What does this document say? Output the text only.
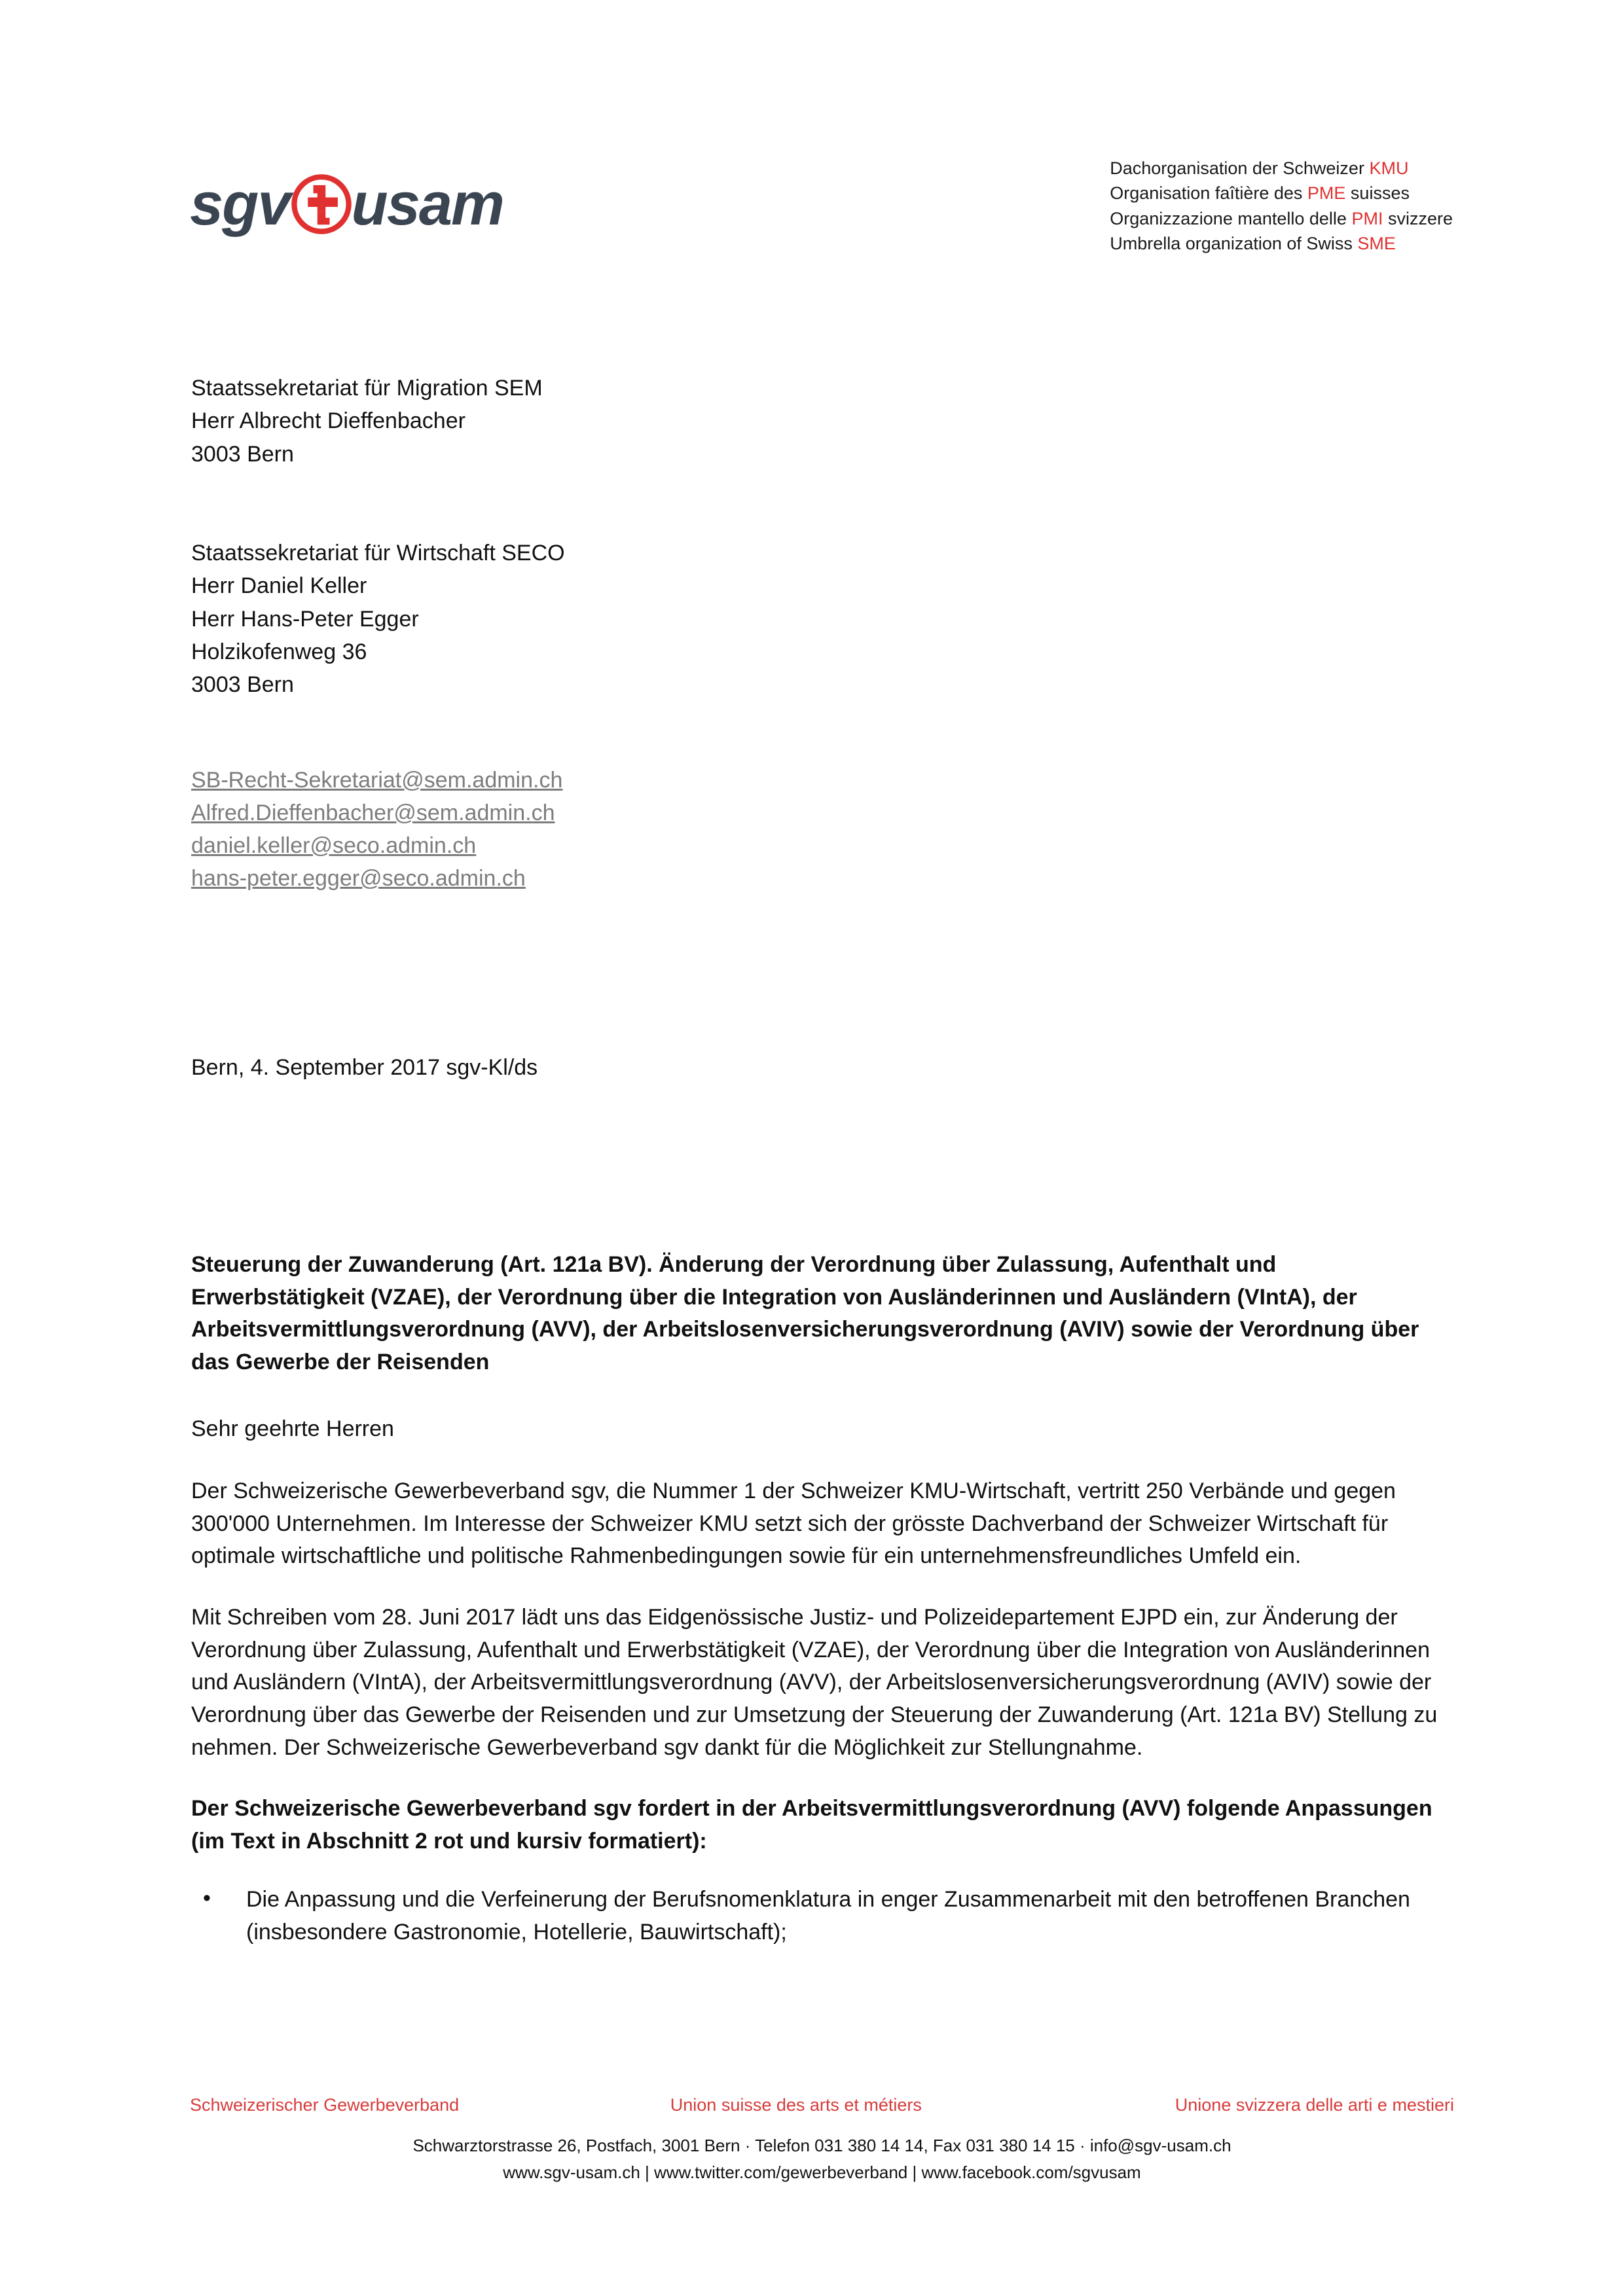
sgv usam
Dachorganisation der Schweizer KMU
Organisation faîtière des PME suisses
Organizzazione mantello delle PMI svizzere
Umbrella organization of Swiss SME
Staatssekretariat für Migration SEM
Herr Albrecht Dieffenbacher
3003 Bern
Staatssekretariat für Wirtschaft SECO
Herr Daniel Keller
Herr Hans-Peter Egger
Holzikofenweg 36
3003 Bern
SB-Recht-Sekretariat@sem.admin.ch
Alfred.Dieffenbacher@sem.admin.ch
daniel.keller@seco.admin.ch
hans-peter.egger@seco.admin.ch
Bern, 4. September 2017 sgv-Kl/ds

Steuerung der Zuwanderung (Art. 121a BV). Änderung der Verordnung über Zulassung, Aufenthalt und Erwerbstätigkeit (VZAE), der Verordnung über die Integration von Ausländerinnen und Ausländern (VIntA), der Arbeitsvermittlungsverordnung (AVV), der Arbeitslosenversicherungsverordnung (AVIV) sowie der Verordnung über das Gewerbe der Reisenden

Sehr geehrte Herren

Der Schweizerische Gewerbeverband sgv, die Nummer 1 der Schweizer KMU-Wirtschaft, vertritt 250 Verbände und gegen 300'000 Unternehmen. Im Interesse der Schweizer KMU setzt sich der grösste Dachverband der Schweizer Wirtschaft für optimale wirtschaftliche und politische Rahmenbedingungen sowie für ein unternehmensfreundliches Umfeld ein.

Mit Schreiben vom 28. Juni 2017 lädt uns das Eidgenössische Justiz- und Polizeidepartement EJPD ein, zur Änderung der Verordnung über Zulassung, Aufenthalt und Erwerbstätigkeit (VZAE), der Verordnung über die Integration von Ausländerinnen und Ausländern (VIntA), der Arbeitsvermittlungsverordnung (AVV), der Arbeitslosenversicherungsverordnung (AVIV) sowie der Verordnung über das Gewerbe der Reisenden und zur Umsetzung der Steuerung der Zuwanderung (Art. 121a BV) Stellung zu nehmen. Der Schweizerische Gewerbeverband sgv dankt für die Möglichkeit zur Stellungnahme.

Der Schweizerische Gewerbeverband sgv fordert in der Arbeitsvermittlungsverordnung (AVV) folgende Anpassungen (im Text in Abschnitt 2 rot und kursiv formatiert):

• Die Anpassung und die Verfeinerung der Berufsnomenklatura in enger Zusammenarbeit mit den betroffenen Branchen (insbesondere Gastronomie, Hotellerie, Bauwirtschaft);
Schweizerischer Gewerbeverband	Union suisse des arts et métiers	Unione svizzera delle arti e mestieri
Schwarztorstrasse 26, Postfach, 3001 Bern · Telefon 031 380 14 14, Fax 031 380 14 15 · info@sgv-usam.ch
www.sgv-usam.ch | www.twitter.com/gewerbeverband | www.facebook.com/sgvusam
